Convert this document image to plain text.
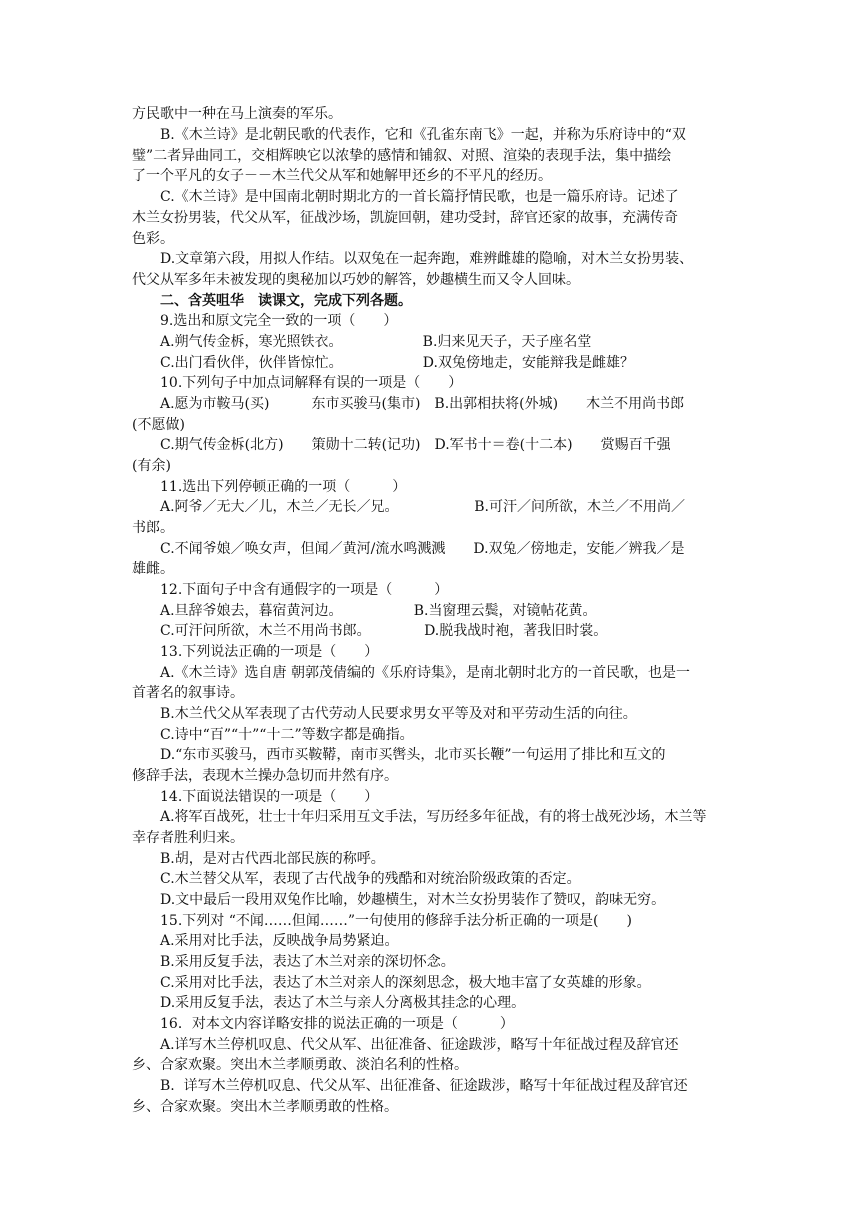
方民歌中一种在马上演奏的军乐。
B.《木兰诗》是北朝民歌的代表作，它和《孔雀东南飞》一起，并称为乐府诗中的“双
璧”二者异曲同工，交相辉映它以浓挚的感情和铺叙、对照、渲染的表现手法，集中描绘
了一个平凡的女子－－木兰代父从军和她解甲还乡的不平凡的经历。
C.《木兰诗》是中国南北朝时期北方的一首长篇抒情民歌，也是一篇乐府诗。记述了
木兰女扮男装，代父从军，征战沙场，凯旋回朝，建功受封，辞官还家的故事，充满传奇
色彩。
D.文章第六段，用拟人作结。以双兔在一起奔跑，难辨雌雄的隐喻，对木兰女扮男装、
代父从军多年未被发现的奥秘加以巧妙的解答，妙趣横生而又令人回味。
二、含英咀华　读课文，完成下列各题。
9.选出和原文完全一致的一项（　　）
A.朔气传金柝，寒光照铁衣。                  B.归来见天子，天子座名堂
C.出门看伙伴，伙伴皆惊忙。                  D.双兔傍地走，安能辩我是雌雄？
10.下列句子中加点词解释有误的一项是（　　）
A.愿为市鞍马(买)　　　东市买骏马(集市)　B.出郭相扶将(外城)　　木兰不用尚书郎
(不愿做)
C.期气传金柝(北方)　　策勋十二转(记功)　D.军书十＝卷(十二本)　　赏赐百千强
(有余)
11.选出下列停顿正确的一项（　　　）
A.阿爷／无大／儿，木兰／无长／兄。                 B.可汗／问所欲，木兰／不用尚／
书郎。
C.不闻爷娘／唤女声，但闻／黄河/流水鸣溅溅　　D.双兔／傍地走，安能／辨我／是
雄雌。
12.下面句子中含有通假字的一项是（　　　）
A.旦辞爷娘去，暮宿黄河边。                B.当窗理云鬓，对镜帖花黄。
C.可汗问所欲，木兰不用尚书郎。            D.脱我战时袍，著我旧时裳。
13.下列说法正确的一项是（　　）
A.《木兰诗》选自唐 朝郭茂倩编的《乐府诗集》，是南北朝时北方的一首民歌，也是一
首著名的叙事诗。
B.木兰代父从军表现了古代劳动人民要求男女平等及对和平劳动生活的向往。
C.诗中“百”“十”“十二”等数字都是确指。
D.“东市买骏马，西市买鞍鞯，南市买辔头，北市买长鞭”一句运用了排比和互文的
修辞手法，表现木兰操办急切而井然有序。
14.下面说法错误的一项是（　　）
A.将军百战死，壮士十年归采用互文手法，写历经多年征战，有的将士战死沙场，木兰等
幸存者胜利归来。
B.胡，是对古代西北部民族的称呼。
C.木兰替父从军，表现了古代战争的残酷和对统治阶级政策的否定。
D.文中最后一段用双兔作比喻，妙趣横生，对木兰女扮男装作了赞叹，韵味无穷。
15.下列对 “不闻……但闻……”一句使用的修辞手法分析正确的一项是(　　)
A.采用对比手法，反映战争局势紧迫。
B.采用反复手法，表达了木兰对亲的深切怀念。
C.采用对比手法，表达了木兰对亲人的深刻思念，极大地丰富了女英雄的形象。
D.采用反复手法，表达了木兰与亲人分离极其挂念的心理。
16．对本文内容详略安排的说法正确的一项是（　　　）
A.详写木兰停机叹息、代父从军、出征准备、征途跋涉，略写十年征战过程及辞官还
乡、合家欢聚。突出木兰孝顺勇敢、淡泊名利的性格。
B.  详写木兰停机叹息、代父从军、出征准备、征途跋涉，略写十年征战过程及辞官还
乡、合家欢聚。突出木兰孝顺勇敢的性格。
